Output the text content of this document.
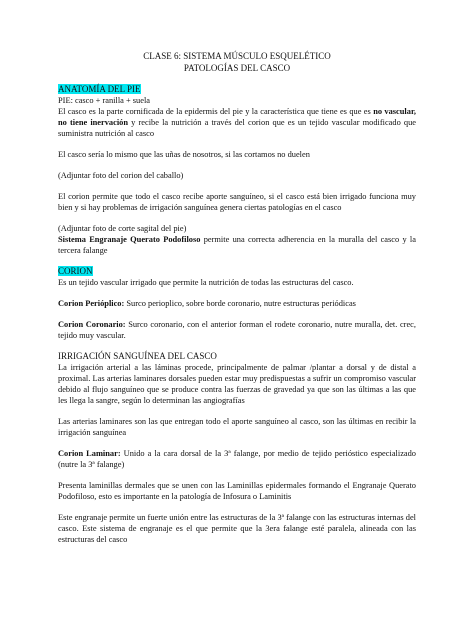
CLASE 6: SISTEMA MÚSCULO ESQUELÉTICO
PATOLOGÍAS DEL CASCO

ANATOMÍA DEL PIE

PIE: casco + ranilla + suela

El casco es la parte cornificada de la epidermis del pie y la característica que tiene es que es no vascular, no tiene inervación y recibe la nutrición a través del corion que es un tejido vascular modificado que suministra nutrición al casco

El casco sería lo mismo que las uñas de nosotros, si las cortamos no duelen

(Adjuntar foto del corion del caballo)

El corion permite que todo el casco recibe aporte sanguíneo, si el casco está bien irrigado funciona muy bien y si hay problemas de irrigación sanguínea genera ciertas patologías en el casco

(Adjuntar foto de corte sagital del pie)

Sistema Engranaje Querato Podofiloso permite una correcta adherencia en la muralla del casco y la tercera falange

CORION

Es un tejido vascular irrigado que permite la nutrición de todas las estructuras del casco.

Corion Perióplico: Surco perioplico, sobre borde coronario, nutre estructuras periódicas

Corion Coronario: Surco coronario, con el anterior forman el rodete coronario, nutre muralla, det. crec, tejido muy vascular.

IRRIGACIÓN SANGUÍNEA DEL CASCO

La irrigación arterial a las láminas procede, principalmente de palmar /plantar a dorsal y de distal a proximal. Las arterias laminares dorsales pueden estar muy predispuestas a sufrir un compromiso vascular debido al flujo sanguíneo que se produce contra las fuerzas de gravedad ya que son las últimas a las que les llega la sangre, según lo determinan las angiografías

Las arterias laminares son las que entregan todo el aporte sanguíneo al casco, son las últimas en recibir la irrigación sanguínea

Corion Laminar: Unido a la cara dorsal de la 3ª falange, por medio de tejido perióstico especializado (nutre la 3ª falange)

Presenta laminillas dermales que se unen con las Laminillas epidermales formando el Engranaje Querato Podofiloso, esto es importante en la patología de Infosura o Laminitis

Este engranaje permite un fuerte unión entre las estructuras de la 3ª falange con las estructuras internas del casco. Este sistema de engranaje es el que permite que la 3era falange esté paralela, alineada con las estructuras del casco
